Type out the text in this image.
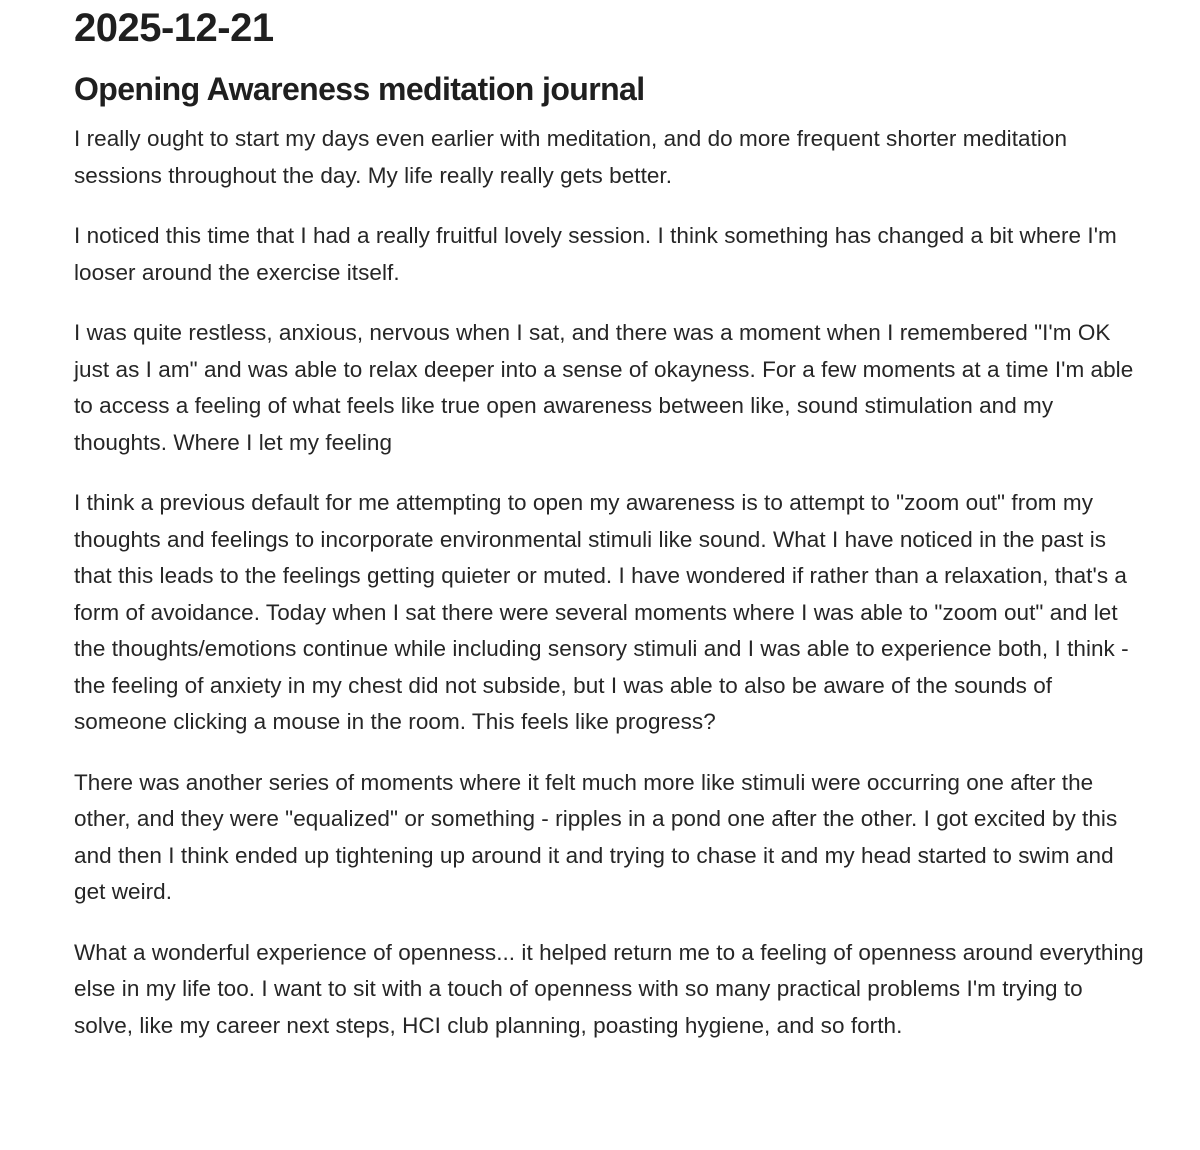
2025-12-21
Opening Awareness meditation journal

I really ought to start my days even earlier with meditation, and do more frequent shorter meditation sessions throughout the day. My life really really gets better.

I noticed this time that I had a really fruitful lovely session. I think something has changed a bit where I'm looser around the exercise itself.

I was quite restless, anxious, nervous when I sat, and there was a moment when I remembered "I'm OK just as I am" and was able to relax deeper into a sense of okayness. For a few moments at a time I'm able to access a feeling of what feels like true open awareness between like, sound stimulation and my thoughts. Where I let my feeling

I think a previous default for me attempting to open my awareness is to attempt to "zoom out" from my thoughts and feelings to incorporate environmental stimuli like sound. What I have noticed in the past is that this leads to the feelings getting quieter or muted. I have wondered if rather than a relaxation, that's a form of avoidance. Today when I sat there were several moments where I was able to "zoom out" and let the thoughts/emotions continue while including sensory stimuli and I was able to experience both, I think - the feeling of anxiety in my chest did not subside, but I was able to also be aware of the sounds of someone clicking a mouse in the room. This feels like progress?

There was another series of moments where it felt much more like stimuli were occurring one after the other, and they were "equalized" or something - ripples in a pond one after the other. I got excited by this and then I think ended up tightening up around it and trying to chase it and my head started to swim and get weird.

What a wonderful experience of openness... it helped return me to a feeling of openness around everything else in my life too. I want to sit with a touch of openness with so many practical problems I'm trying to solve, like my career next steps, HCI club planning, poasting hygiene, and so forth.
